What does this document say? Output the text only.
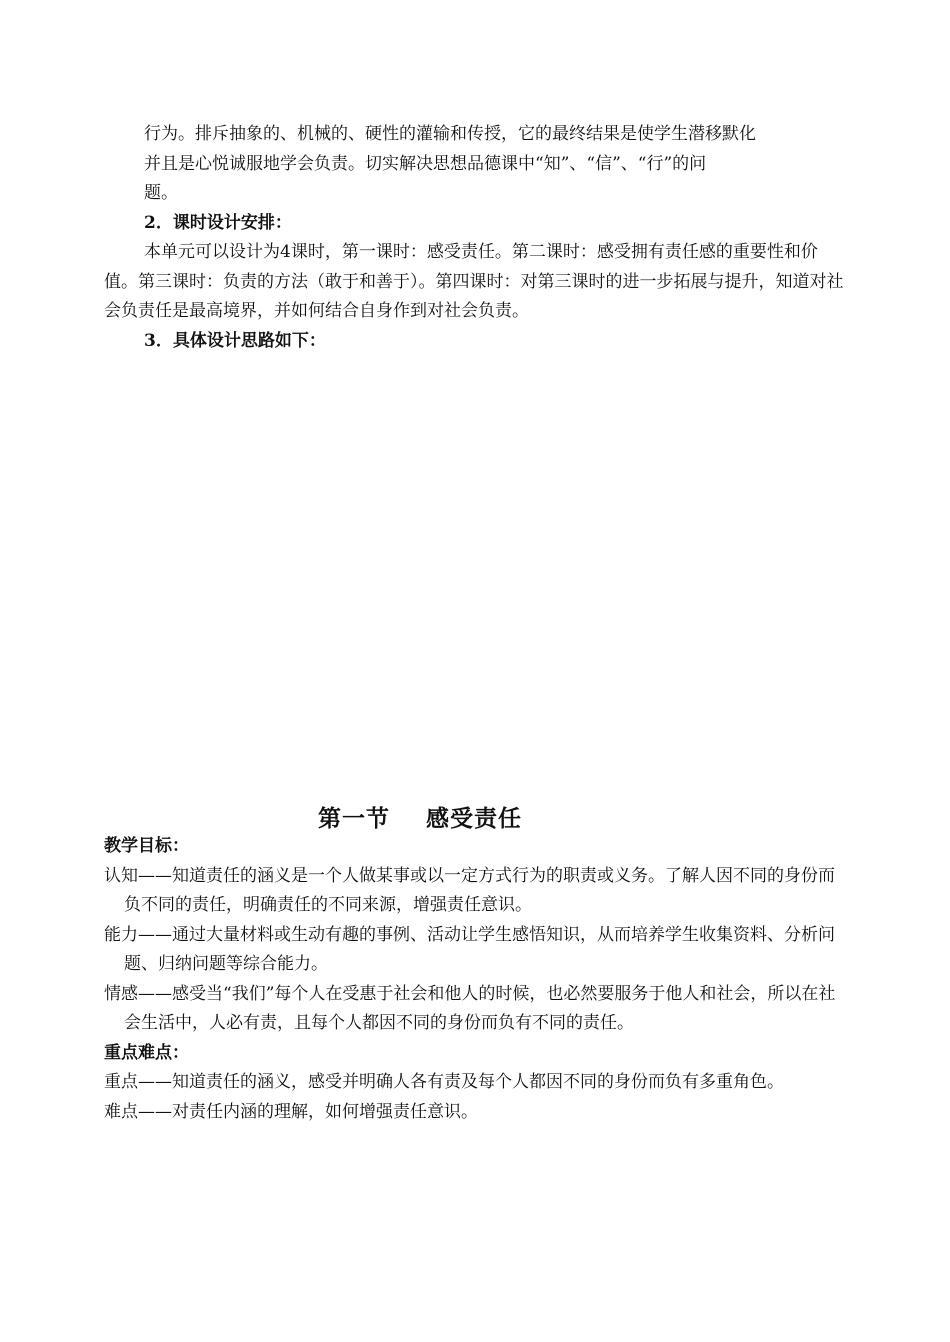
行为。排斥抽象的、机械的、硬性的灌输和传授，它的最终结果是使学生潜移默化

并且是心悦诚服地学会负责。切实解决思想品德课中“知”、“信”、“行”的问

题。

2．课时设计安排：

本单元可以设计为4课时，第一课时：感受责任。第二课时：感受拥有责任感的重要性和价值。第三课时：负责的方法（敢于和善于）。第四课时：对第三课时的进一步拓展与提升，知道对社会负责任是最高境界，并如何结合自身作到对社会负责。

3．具体设计思路如下：

第一节    感受责任

教学目标：

认知——知道责任的涵义是一个人做某事或以一定方式行为的职责或义务。了解人因不同的身份而负不同的责任，明确责任的不同来源，增强责任意识。

能力——通过大量材料或生动有趣的事例、活动让学生感悟知识，从而培养学生收集资料、分析问题、归纳问题等综合能力。

情感——感受当“我们”每个人在受惠于社会和他人的时候，也必然要服务于他人和社会，所以在社会生活中，人必有责，且每个人都因不同的身份而负有不同的责任。

重点难点：

重点——知道责任的涵义，感受并明确人各有责及每个人都因不同的身份而负有多重角色。

难点——对责任内涵的理解，如何增强责任意识。
